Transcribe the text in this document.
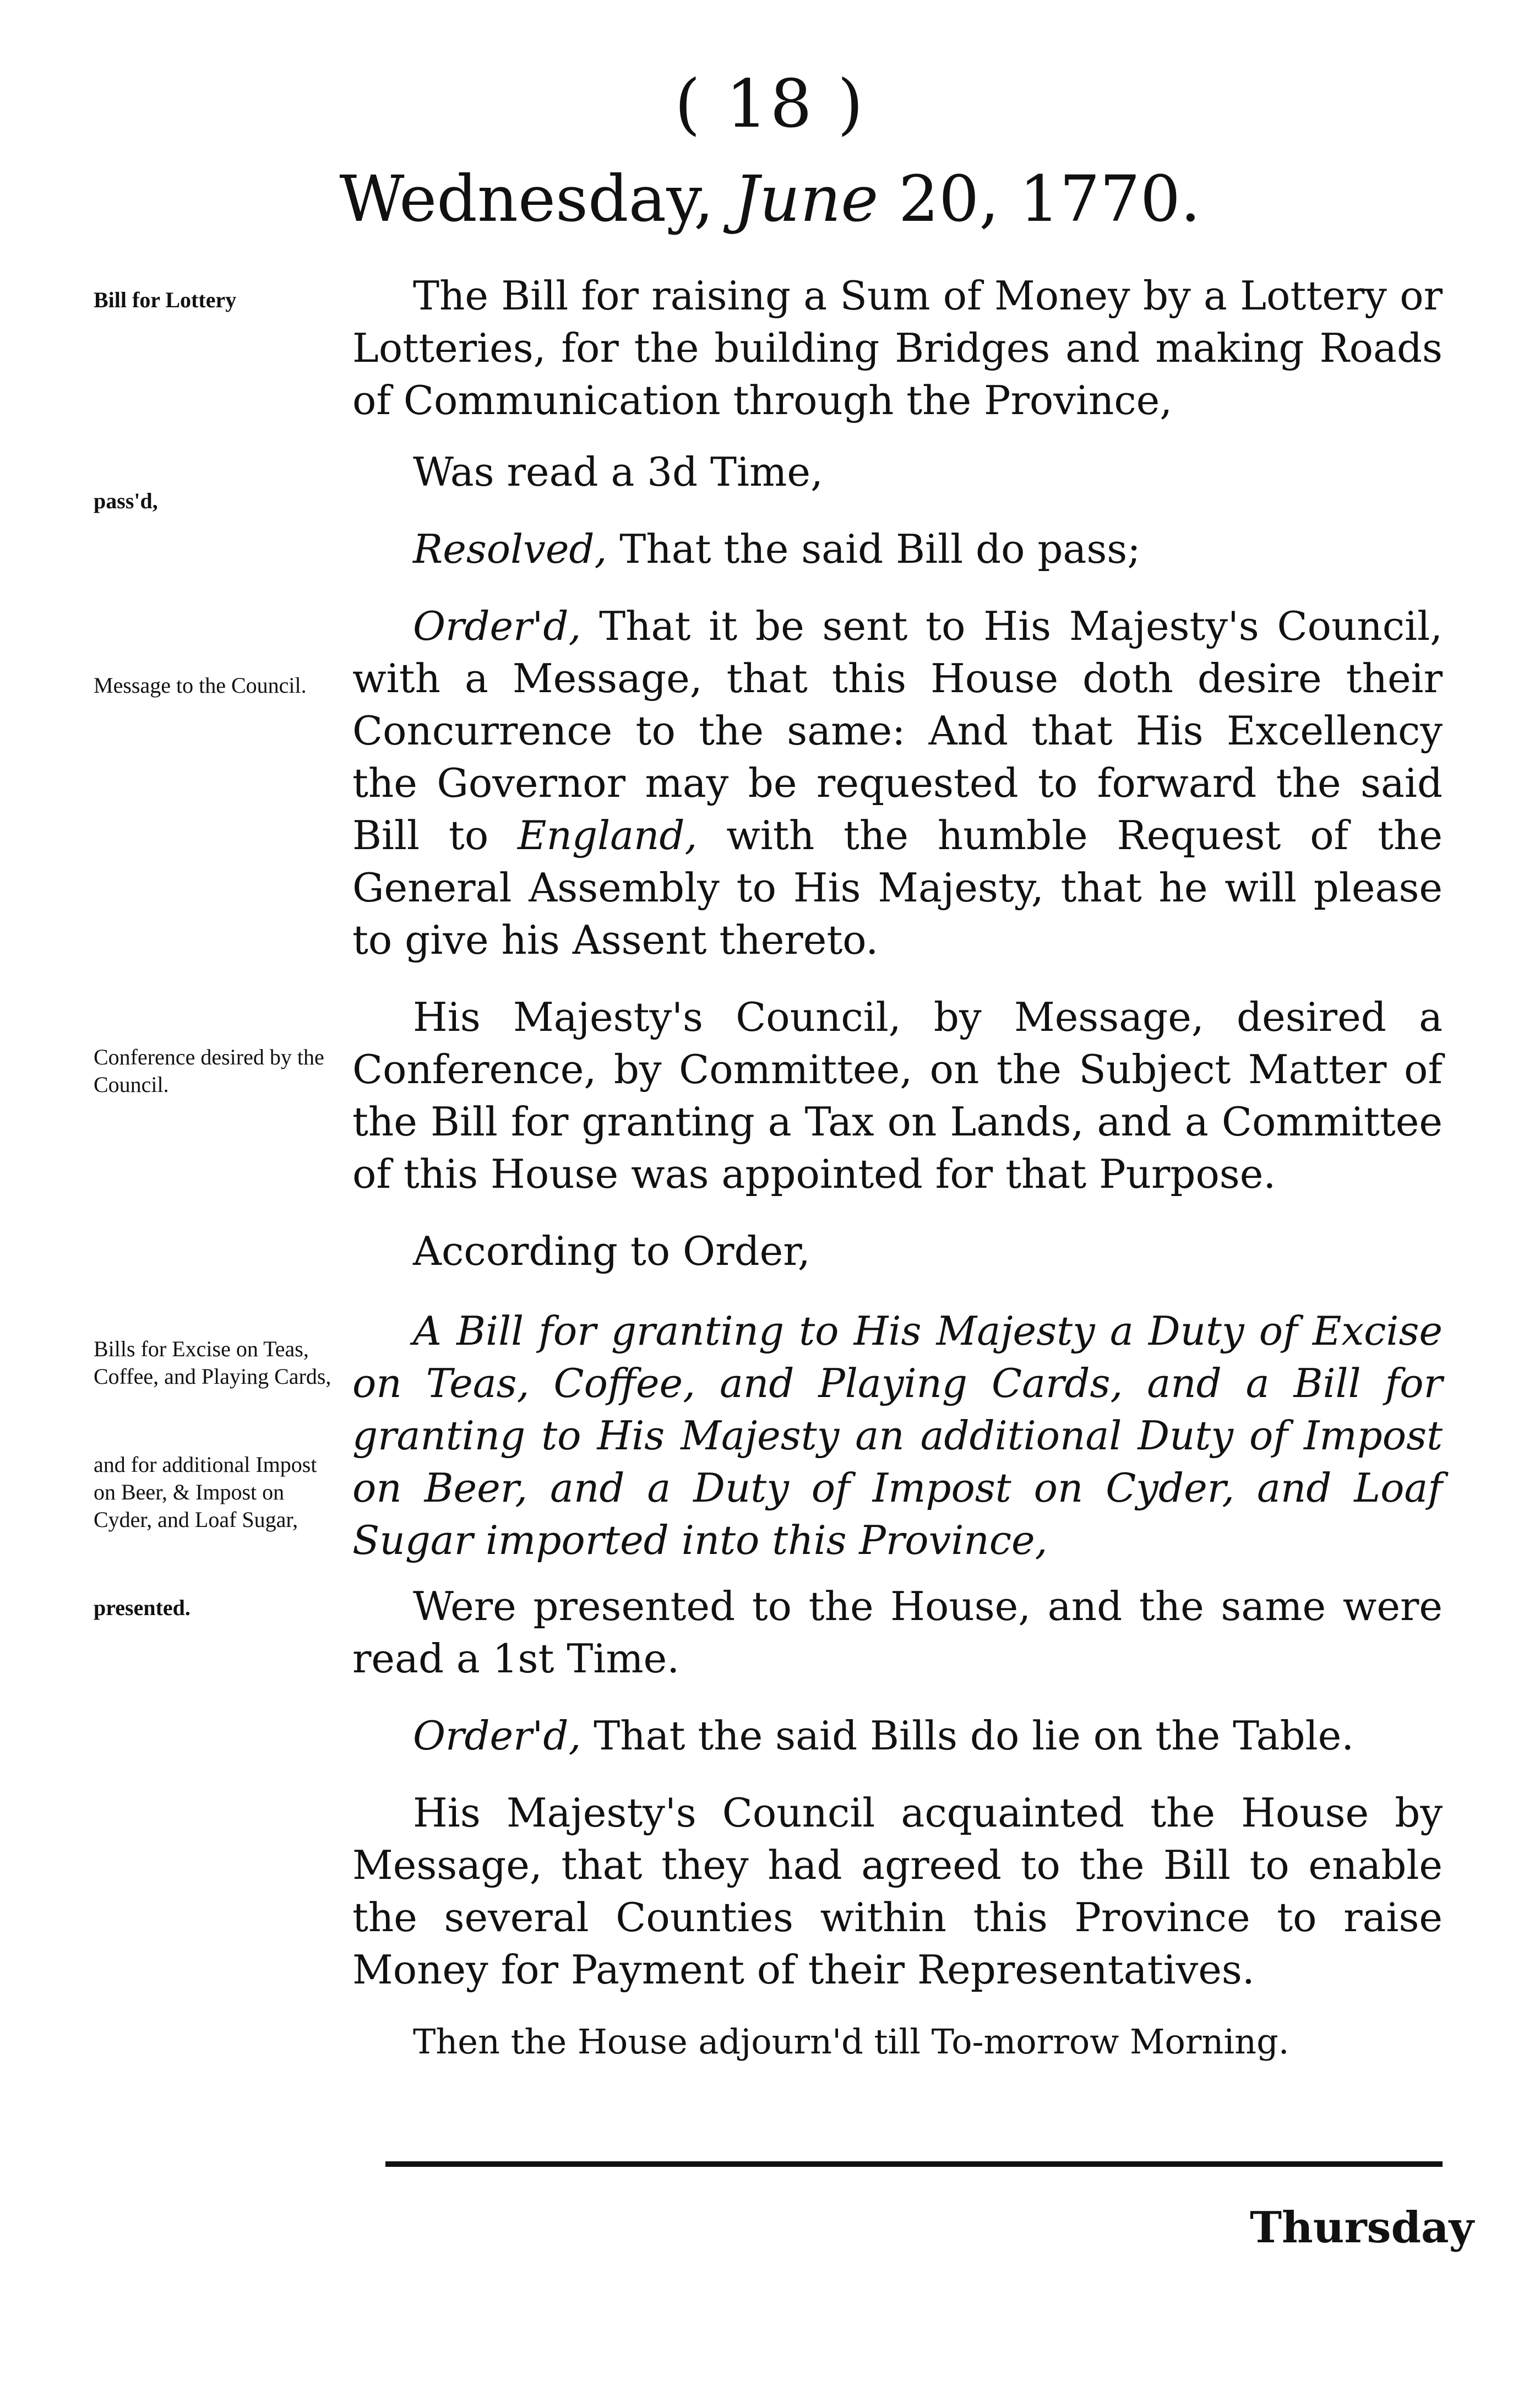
( 18 )
Wednesday, June 20, 1770.
Bill for Lottery
pass'd,
Message to the Council.
Conference desired by the Council.
Bills for Excise on Teas, Coffee, and Playing Cards,
and for additional Impost on Beer, & Impost on Cyder, and Loaf Sugar,
presented.

The Bill for raising a Sum of Money by a Lottery or Lotteries, for the building Bridges and making Roads of Communication through the Province,

Was read a 3d Time,

Resolved, That the said Bill do pass;

Order'd, That it be sent to His Majesty's Council, with a Message, that this House doth desire their Concurrence to the same: And that His Excellency the Governor may be requested to forward the said Bill to England, with the humble Request of the General Assembly to His Majesty, that he will please to give his Assent thereto.

His Majesty's Council, by Message, desired a Conference, by Committee, on the Subject Matter of the Bill for granting a Tax on Lands, and a Committee of this House was appointed for that Purpose.

According to Order,

A Bill for granting to His Majesty a Duty of Excise on Teas, Coffee, and Playing Cards, and a Bill for granting to His Majesty an additional Duty of Impost on Beer, and a Duty of Impost on Cyder, and Loaf Sugar imported into this Province,

Were presented to the House, and the same were read a 1st Time.

Order'd, That the said Bills do lie on the Table.

His Majesty's Council acquainted the House by Message, that they had agreed to the Bill to enable the several Counties within this Province to raise Money for Payment of their Representatives.

Then the House adjourn'd till To-morrow Morning.

Thursday
